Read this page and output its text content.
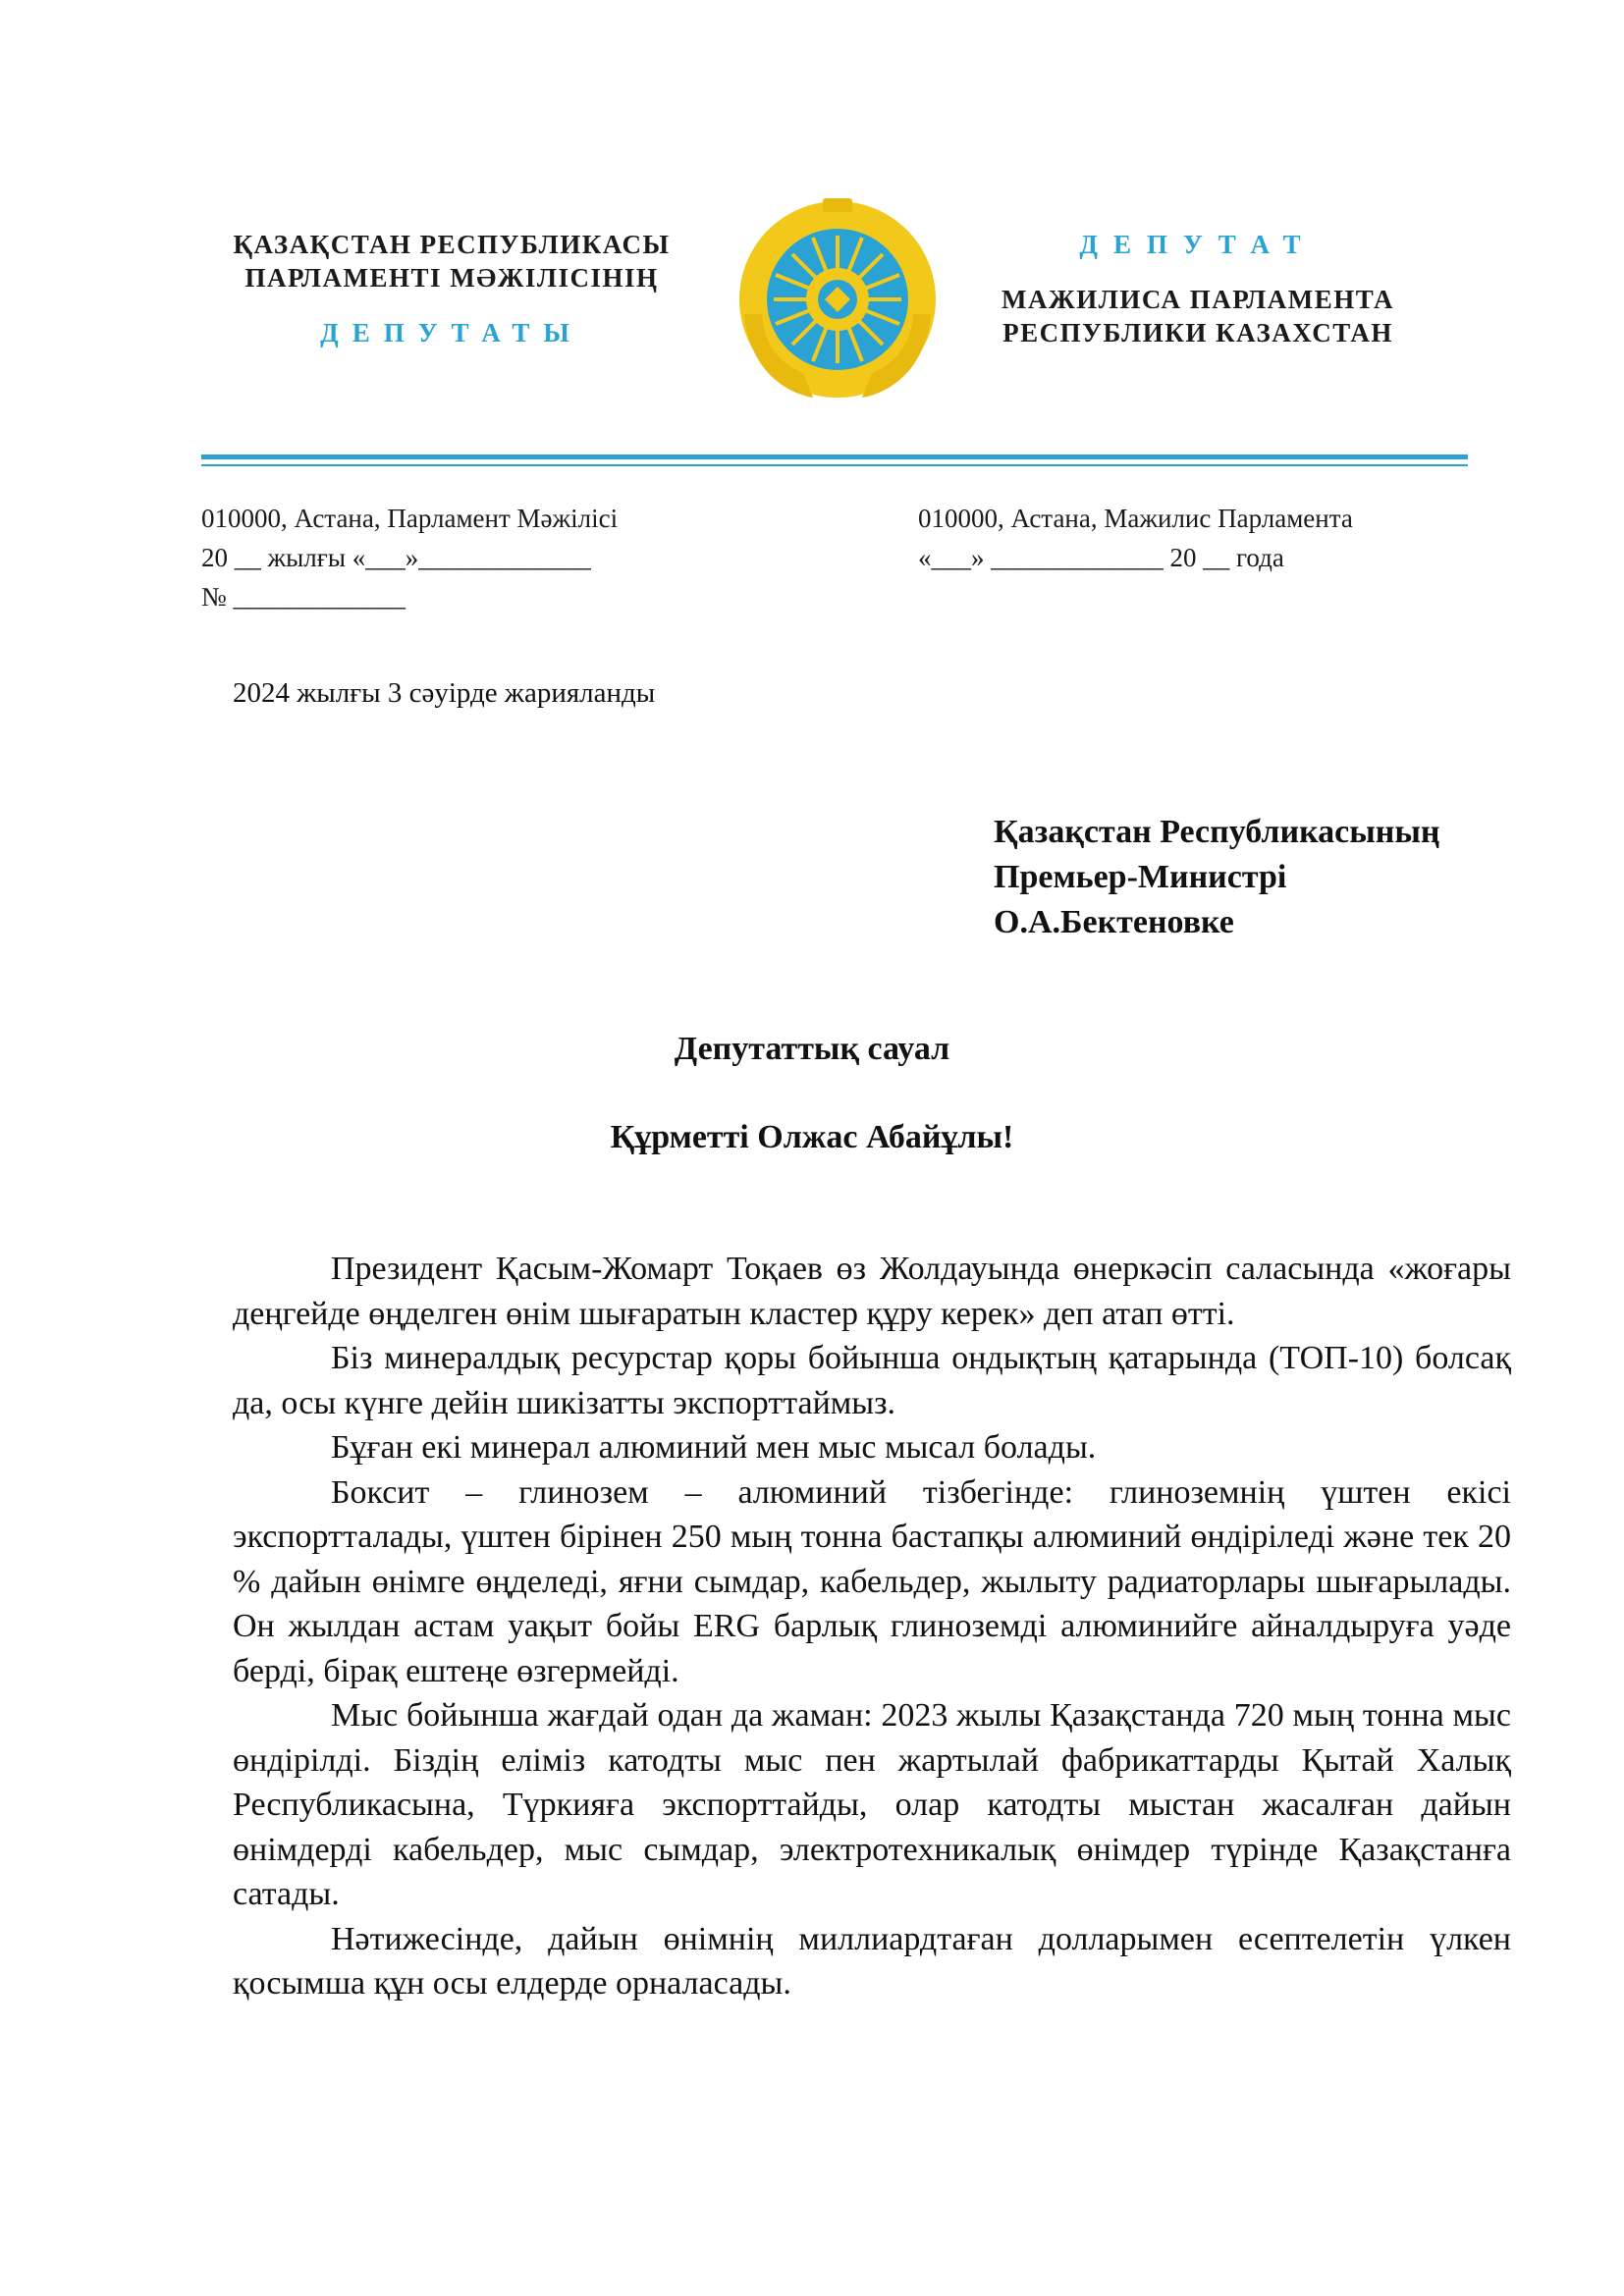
ҚАЗАҚСТАН РЕСПУБЛИКАСЫ
ПАРЛАМЕНТІ МӘЖІЛІСІНІҢ
ДЕПУТАТЫ
ДЕПУТАТ
МАЖИЛИСА ПАРЛАМЕНТА
РЕСПУБЛИКИ КАЗАХСТАН
010000, Астана, Парламент Мәжілісі
20 __ жылғы «___»_____________
№ _____________
010000, Астана, Мажилис Парламента
«___» _____________ 20 __ года
2024 жылғы 3 сәуірде жарияланды
Қазақстан Республикасының
Премьер-Министрі
О.А.Бектеновке
Депутаттық сауал
Құрметті Олжас Абайұлы!

Президент Қасым-Жомарт Тоқаев өз Жолдауында өнеркәсіп саласында «жоғары деңгейде өңделген өнім шығаратын кластер құру керек» деп атап өтті.

Біз минералдық ресурстар қоры бойынша ондықтың қатарында (ТОП-10) болсақ да, осы күнге дейін шикізатты экспорттаймыз.

Бұған екі минерал алюминий мен мыс мысал болады.

Боксит – глинозем – алюминий тізбегінде: глиноземнің үштен екісі экспортталады, үштен бірінен 250 мың тонна бастапқы алюминий өндіріледі және тек 20 % дайын өнімге өңделеді, яғни сымдар, кабельдер, жылыту радиаторлары шығарылады. Он жылдан астам уақыт бойы ERG барлық глиноземді алюминийге айналдыруға уәде берді, бірақ ештеңе өзгермейді.

Мыс бойынша жағдай одан да жаман: 2023 жылы Қазақстанда 720 мың тонна мыс өндірілді. Біздің еліміз катодты мыс пен жартылай фабрикаттарды Қытай Халық Республикасына, Түркияға экспорттайды, олар катодты мыстан жасалған дайын өнімдерді кабельдер, мыс сымдар, электротехникалық өнімдер түрінде Қазақстанға сатады.

Нәтижесінде, дайын өнімнің миллиардтаған долларымен есептелетін үлкен қосымша құн осы елдерде орналасады.
